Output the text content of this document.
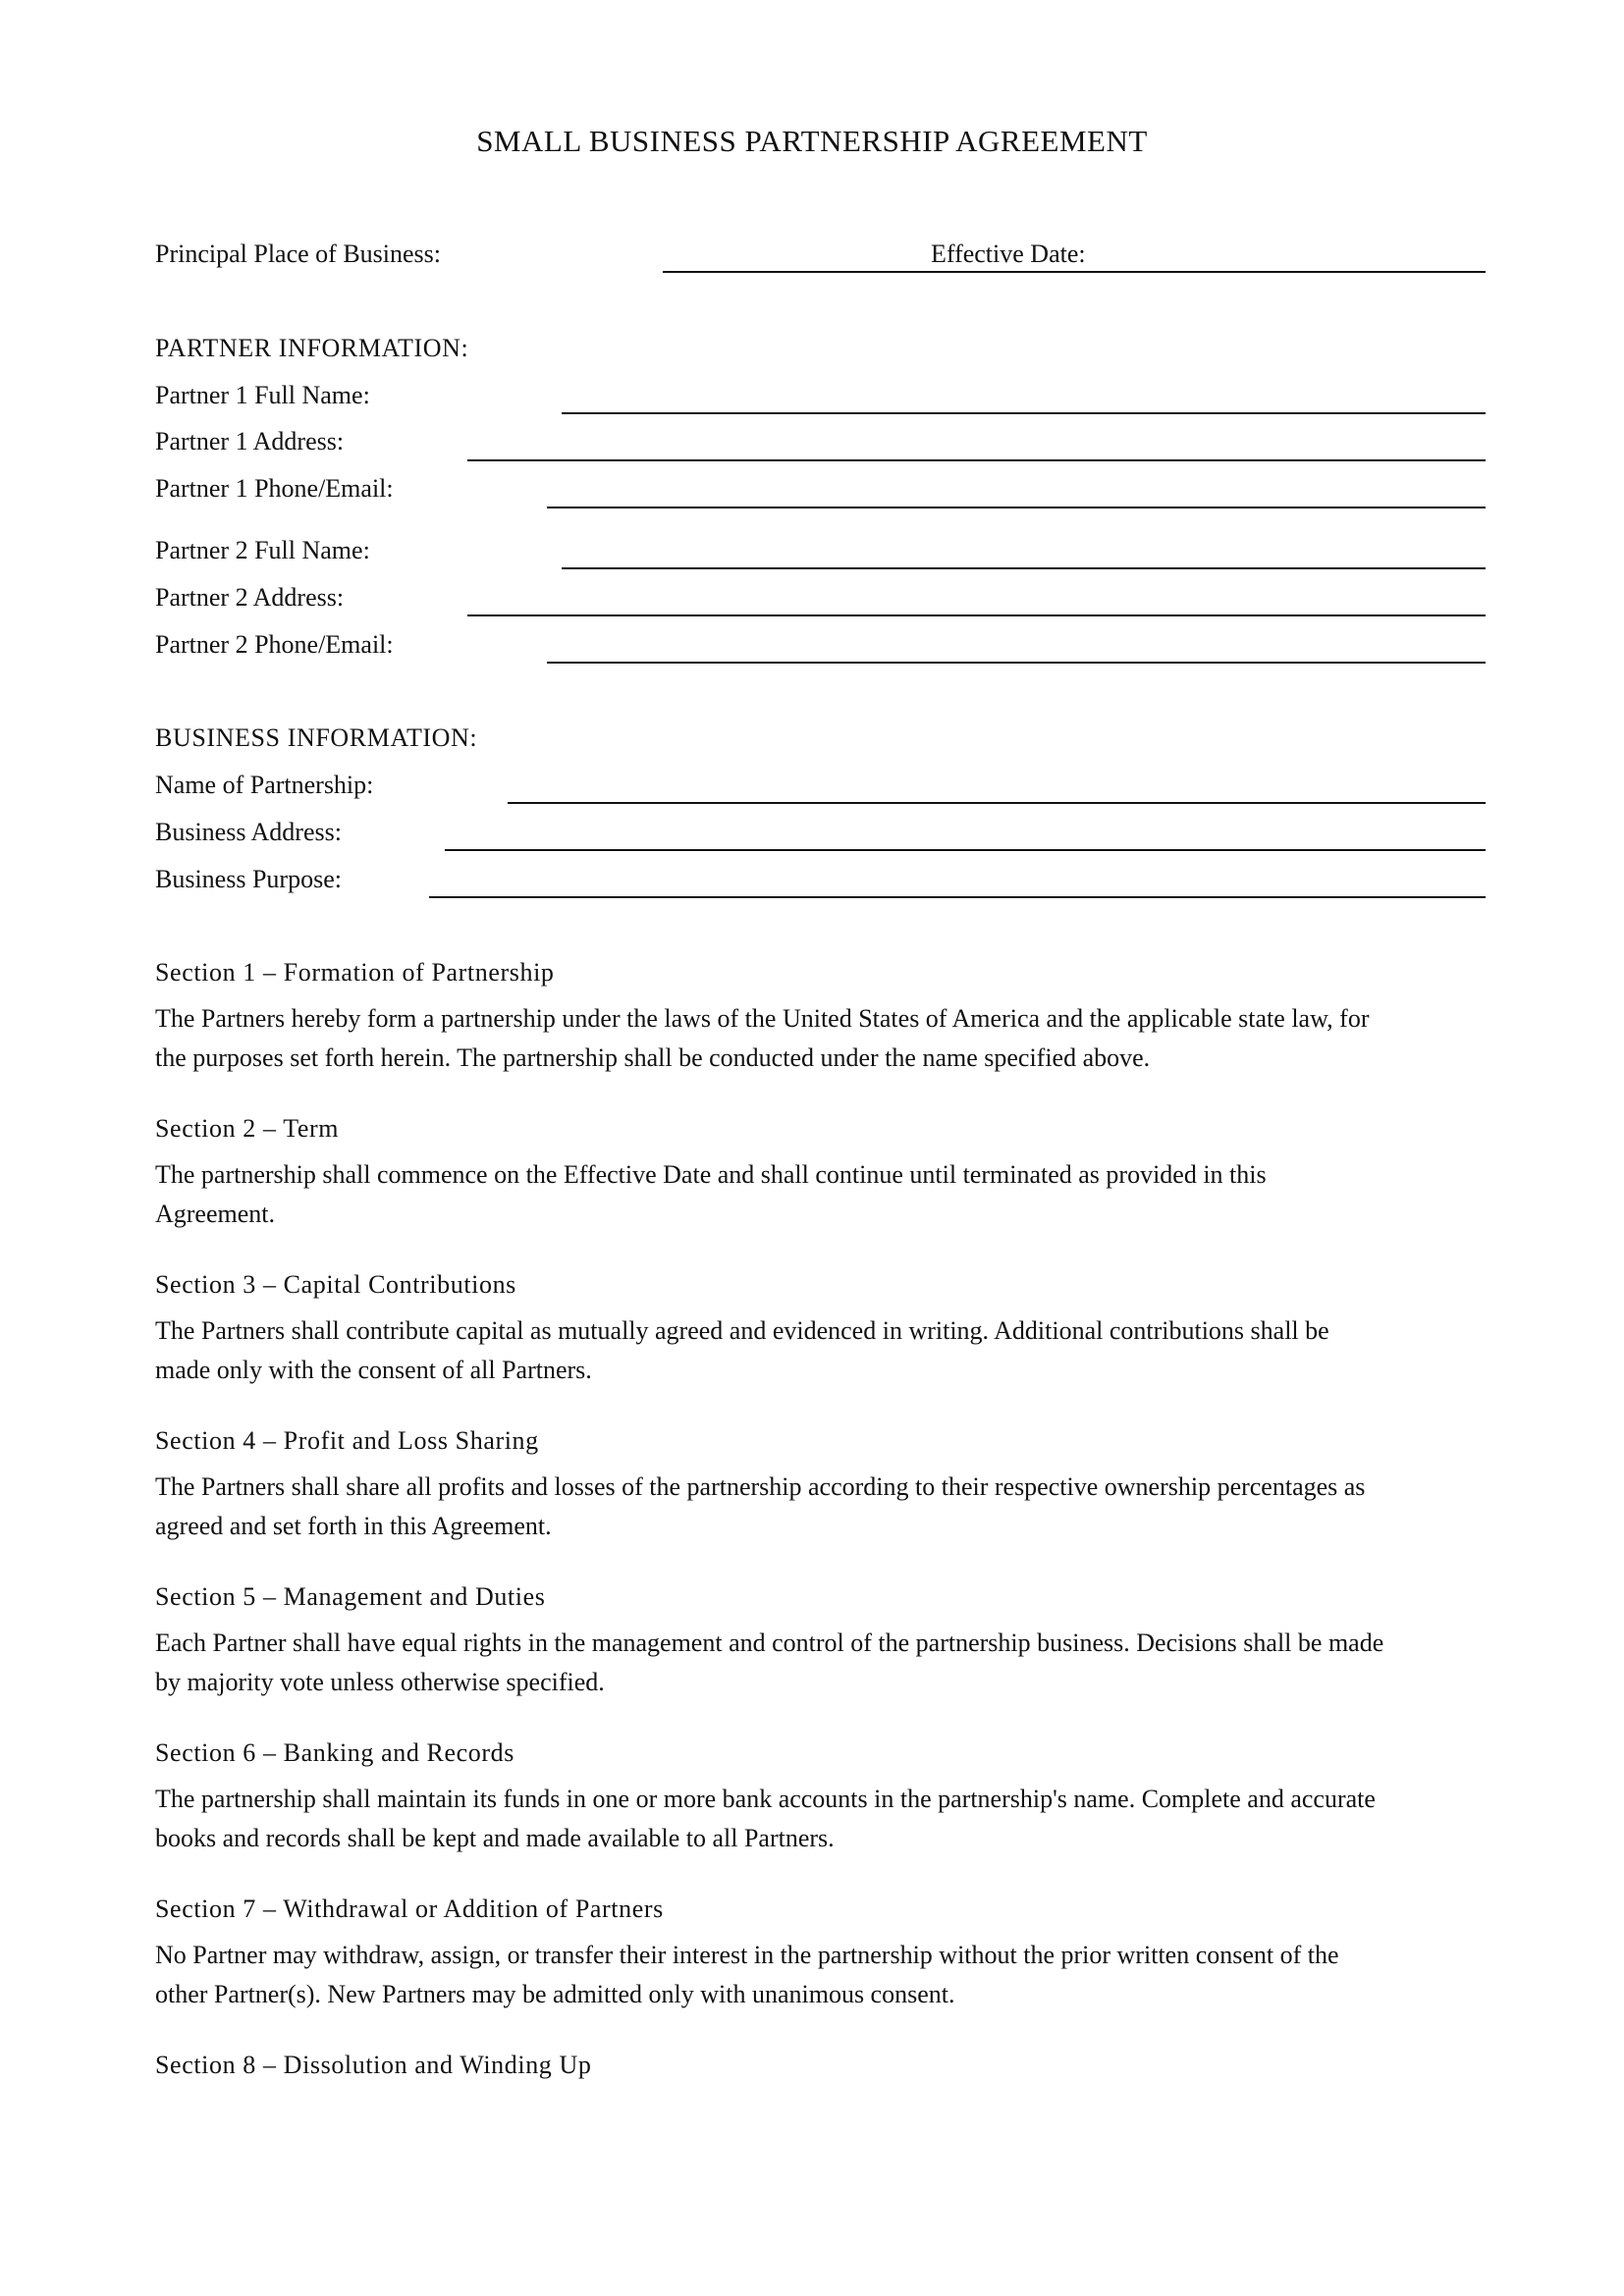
SMALL BUSINESS PARTNERSHIP AGREEMENT
Principal Place of Business:	Effective Date:
PARTNER INFORMATION:
Partner 1 Full Name:
Partner 1 Address:
Partner 1 Phone/Email:
Partner 2 Full Name:
Partner 2 Address:
Partner 2 Phone/Email:
BUSINESS INFORMATION:
Name of Partnership:
Business Address:
Business Purpose:
Section 1 – Formation of Partnership
The Partners hereby form a partnership under the laws of the United States of America and the applicable state law, for
the purposes set forth herein. The partnership shall be conducted under the name specified above.
Section 2 – Term
The partnership shall commence on the Effective Date and shall continue until terminated as provided in this
Agreement.
Section 3 – Capital Contributions
The Partners shall contribute capital as mutually agreed and evidenced in writing. Additional contributions shall be
made only with the consent of all Partners.
Section 4 – Profit and Loss Sharing
The Partners shall share all profits and losses of the partnership according to their respective ownership percentages as
agreed and set forth in this Agreement.
Section 5 – Management and Duties
Each Partner shall have equal rights in the management and control of the partnership business. Decisions shall be made
by majority vote unless otherwise specified.
Section 6 – Banking and Records
The partnership shall maintain its funds in one or more bank accounts in the partnership's name. Complete and accurate
books and records shall be kept and made available to all Partners.
Section 7 – Withdrawal or Addition of Partners
No Partner may withdraw, assign, or transfer their interest in the partnership without the prior written consent of the
other Partner(s). New Partners may be admitted only with unanimous consent.
Section 8 – Dissolution and Winding Up
